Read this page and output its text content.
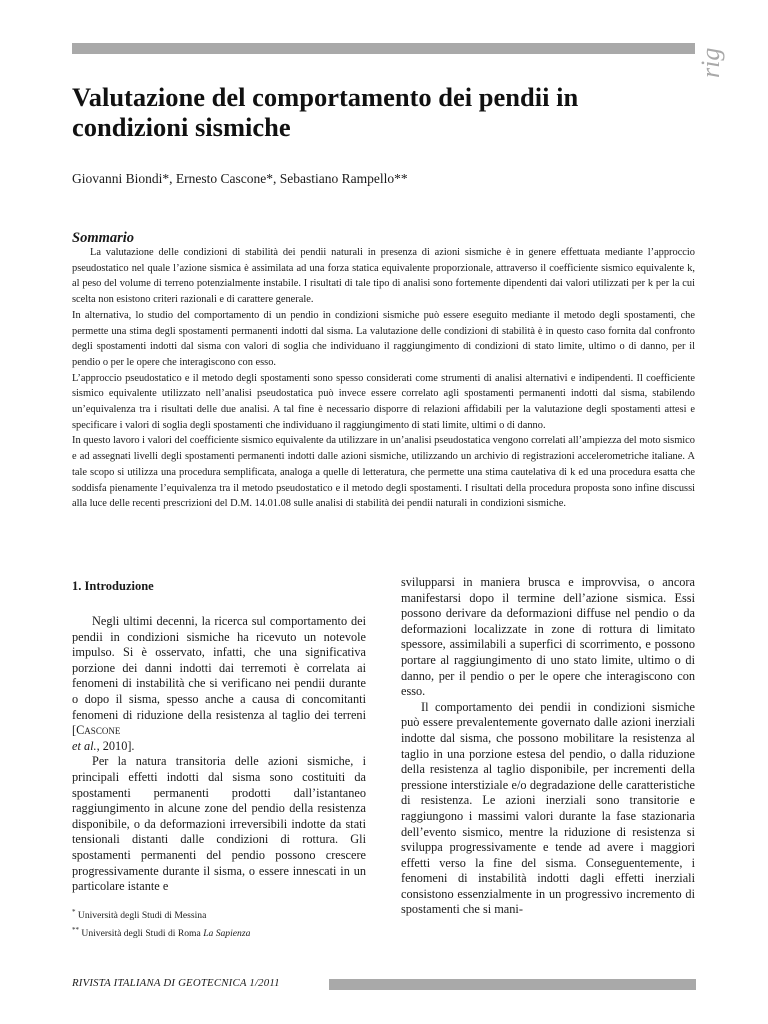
rig
Valutazione del comportamento dei pendii in condizioni sismiche

Giovanni Biondi*, Ernesto Cascone*, Sebastiano Rampello**

Sommario

La valutazione delle condizioni di stabilità dei pendii naturali in presenza di azioni sismiche è in genere effettuata mediante l’approccio pseudostatico nel quale l’azione sismica è assimilata ad una forza statica equivalente proporzionale, attraverso il coefficiente sismico equivalente k, al peso del volume di terreno potenzialmente instabile. I risultati di tale tipo di analisi sono fortemente dipendenti dai valori utilizzati per k per la cui scelta non esistono criteri razionali e di carattere generale.

In alternativa, lo studio del comportamento di un pendio in condizioni sismiche può essere eseguito mediante il metodo degli spostamenti, che permette una stima degli spostamenti permanenti indotti dal sisma. La valutazione delle condizioni di stabilità è in questo caso fornita dal confronto degli spostamenti indotti dal sisma con valori di soglia che individuano il raggiungimento di condizioni di stato limite, ultimo o di danno, per il pendio o per le opere che interagiscono con esso.

L’approccio pseudostatico e il metodo degli spostamenti sono spesso considerati come strumenti di analisi alternativi e indipendenti. Il coefficiente sismico equivalente utilizzato nell’analisi pseudostatica può invece essere correlato agli spostamenti permanenti indotti dal sisma, stabilendo un’equivalenza tra i risultati delle due analisi. A tal fine è necessario disporre di relazioni affidabili per la valutazione degli spostamenti attesi e specificare i valori di soglia degli spostamenti che individuano il raggiungimento di stati limite, ultimi o di danno.

In questo lavoro i valori del coefficiente sismico equivalente da utilizzare in un’analisi pseudostatica vengono correlati all’ampiezza del moto sismico e ad assegnati livelli degli spostamenti permanenti indotti dalle azioni sismiche, utilizzando un archivio di registrazioni accelerometriche italiane. A tale scopo si utilizza una procedura semplificata, analoga a quelle di letteratura, che permette una stima cautelativa di k ed una procedura esatta che soddisfa pienamente l’equivalenza tra il metodo pseudostatico e il metodo degli spostamenti. I risultati della procedura proposta sono infine discussi alla luce delle recenti prescrizioni del D.M. 14.01.08 sulle analisi di stabilità dei pendii naturali in condizioni sismiche.

1. Introduzione

Negli ultimi decenni, la ricerca sul comportamento dei pendii in condizioni sismiche ha ricevuto un notevole impulso. Si è osservato, infatti, che una significativa porzione dei danni indotti dai terremoti è correlata ai fenomeni di instabilità che si verificano nei pendii durante o dopo il sisma, spesso anche a causa di concomitanti fenomeni di riduzione della resistenza al taglio dei terreni [Cascone
et al., 2010].

Per la natura transitoria delle azioni sismiche, i principali effetti indotti dal sisma sono costituiti da spostamenti permanenti prodotti dall’istantaneo raggiungimento in alcune zone del pendio della resistenza disponibile, o da deformazioni irreversibili indotte da stati tensionali distanti dalle condizioni di rottura. Gli spostamenti permanenti del pendio possono crescere progressivamente durante il sisma, o essere innescati in un particolare istante e

svilupparsi in maniera brusca e improvvisa, o ancora manifestarsi dopo il termine dell’azione sismica. Essi possono derivare da deformazioni diffuse nel pendio o da deformazioni localizzate in zone di rottura di limitato spessore, assimilabili a superfici di scorrimento, e possono portare al raggiungimento di uno stato limite, ultimo o di danno, per il pendio o per le opere che interagiscono con esso.

Il comportamento dei pendii in condizioni sismiche può essere prevalentemente governato dalle azioni inerziali indotte dal sisma, che possono mobilitare la resistenza al taglio in una porzione estesa del pendio, o dalla riduzione della resistenza al taglio disponibile, per incrementi della pressione interstiziale e/o degradazione delle caratteristiche di resistenza. Le azioni inerziali sono transitorie e raggiungono i massimi valori durante la fase stazionaria dell’evento sismico, mentre la riduzione di resistenza si sviluppa progressivamente e tende ad avere i maggiori effetti verso la fine del sisma. Conseguentemente, i fenomeni di instabilità indotti dagli effetti inerziali consistono essenzialmente in un progressivo incremento di spostamenti che si mani-

* Università degli Studi di Messina

** Università degli Studi di Roma La Sapienza

RIVISTA ITALIANA DI GEOTECNICA 1/2011
